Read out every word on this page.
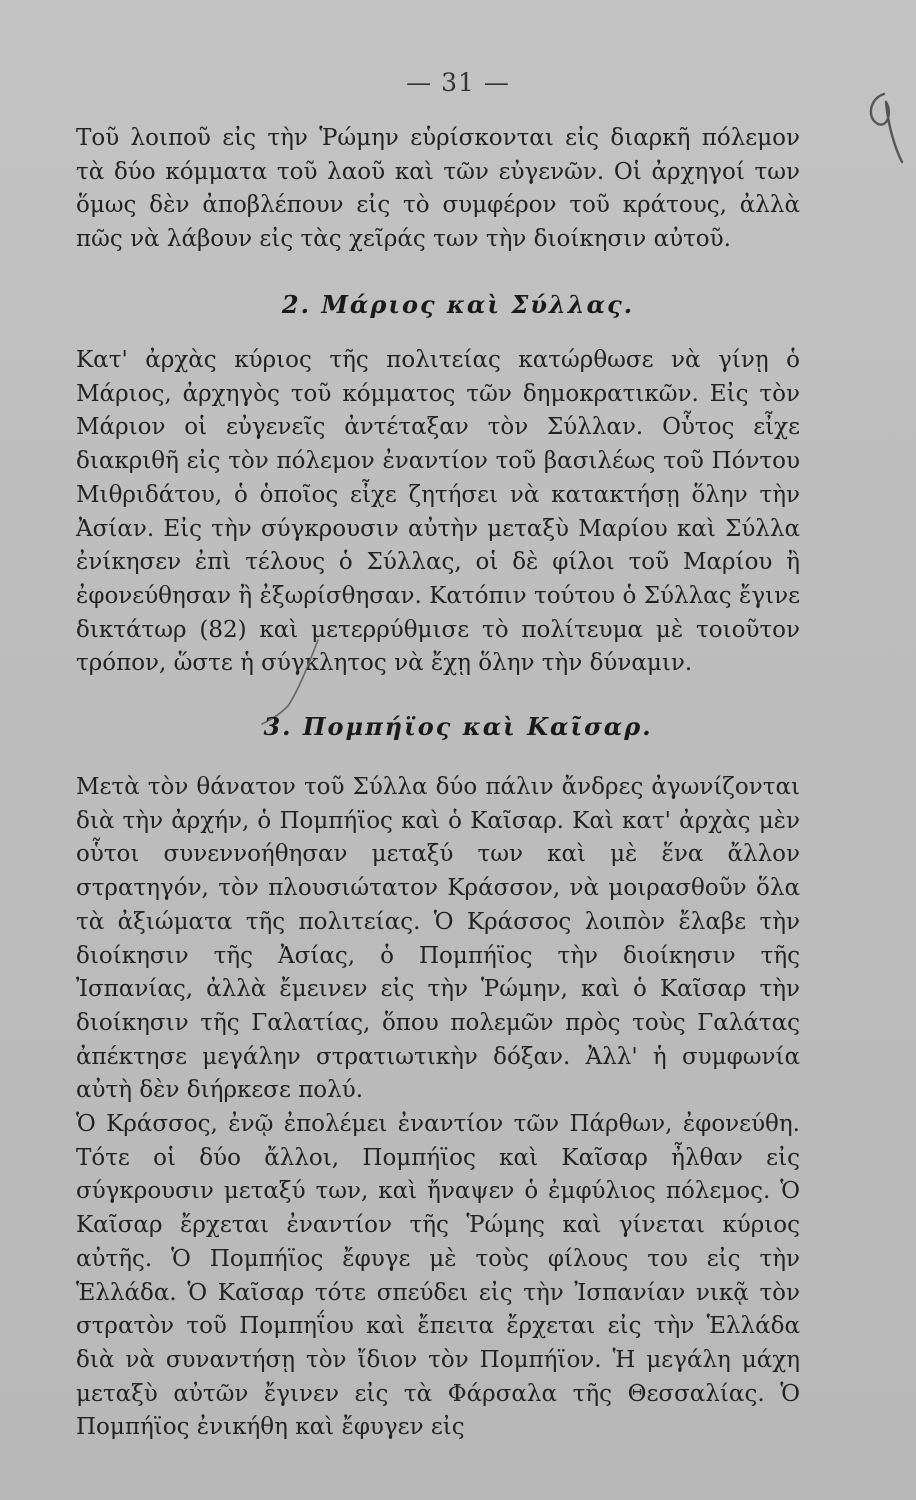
— 31 —

Τοῦ λοιποῦ εἰς τὴν Ῥώμην εὑρίσκονται εἰς διαρκῆ πόλεμον τὰ δύο κόμματα τοῦ λαοῦ καὶ τῶν εὐγενῶν. Οἱ ἀρχηγοί των ὅμως δὲν ἀποβλέπουν εἰς τὸ συμφέρον τοῦ κράτους, ἀλλὰ πῶς νὰ λάβουν εἰς τὰς χεῖράς των τὴν διοίκησιν αὐτοῦ.

2. Μάριος καὶ Σύλλας.

Κατ' ἀρχὰς κύριος τῆς πολιτείας κατώρθωσε νὰ γίνῃ ὁ Μάριος, ἀρχηγὸς τοῦ κόμματος τῶν δημοκρατικῶν. Εἰς τὸν Μάριον οἱ εὐγενεῖς ἀντέταξαν τὸν Σύλλαν. Οὗτος εἶχε διακριθῆ εἰς τὸν πόλεμον ἐναντίον τοῦ βασιλέως τοῦ Πόντου Μιθριδάτου, ὁ ὁποῖος εἶχε ζητήσει νὰ κατακτήσῃ ὅλην τὴν Ἀσίαν. Εἰς τὴν σύγκρουσιν αὐτὴν μεταξὺ Μαρίου καὶ Σύλλα ἐνίκησεν ἐπὶ τέλους ὁ Σύλλας, οἱ δὲ φίλοι τοῦ Μαρίου ἢ ἐφονεύθησαν ἢ ἐξωρίσθησαν. Κατόπιν τούτου ὁ Σύλλας ἔγινε δικτάτωρ (82) καὶ μετερρύθμισε τὸ πολίτευμα μὲ τοιοῦτον τρόπον, ὥστε ἡ σύγκλητος νὰ ἔχῃ ὅλην τὴν δύναμιν.

3. Πομπήϊος καὶ Καῖσαρ.

Μετὰ τὸν θάνατον τοῦ Σύλλα δύο πάλιν ἄνδρες ἀγωνίζονται διὰ τὴν ἀρχήν, ὁ Πομπήϊος καὶ ὁ Καῖσαρ. Καὶ κατ' ἀρχὰς μὲν οὗτοι συνεννοήθησαν μεταξύ των καὶ μὲ ἕνα ἄλλον στρατηγόν, τὸν πλουσιώτατον Κράσσον, νὰ μοιρασθοῦν ὅλα τὰ ἀξιώματα τῆς πολιτείας. Ὁ Κράσσος λοιπὸν ἔλαβε τὴν διοίκησιν τῆς Ἀσίας, ὁ Πομπήϊος τὴν διοίκησιν τῆς Ἰσπανίας, ἀλλὰ ἔμεινεν εἰς τὴν Ῥώμην, καὶ ὁ Καῖσαρ τὴν διοίκησιν τῆς Γαλατίας, ὅπου πολεμῶν πρὸς τοὺς Γαλάτας ἀπέκτησε μεγάλην στρατιωτικὴν δόξαν. Ἀλλ' ἡ συμφωνία αὐτὴ δὲν διήρκεσε πολύ.

Ὁ Κράσσος, ἐνῷ ἐπολέμει ἐναντίον τῶν Πάρθων, ἐφονεύθη. Τότε οἱ δύο ἄλλοι, Πομπήϊος καὶ Καῖσαρ ἦλθαν εἰς σύγκρουσιν μεταξύ των, καὶ ἤναψεν ὁ ἐμφύλιος πόλεμος. Ὁ Καῖσαρ ἔρχεται ἐναντίον τῆς Ῥώμης καὶ γίνεται κύριος αὐτῆς. Ὁ Πομπήϊος ἔφυγε μὲ τοὺς φίλους του εἰς τὴν Ἑλλάδα. Ὁ Καῖσαρ τότε σπεύδει εἰς τὴν Ἰσπανίαν νικᾷ τὸν στρατὸν τοῦ Πομπηΐου καὶ ἔπειτα ἔρχεται εἰς τὴν Ἑλλάδα διὰ νὰ συναντήσῃ τὸν ἴδιον τὸν Πομπήϊον. Ἡ μεγάλη μάχη μεταξὺ αὐτῶν ἔγινεν εἰς τὰ Φάρσαλα τῆς Θεσσαλίας. Ὁ Πομπήϊος ἐνικήθη καὶ ἔφυγεν εἰς
